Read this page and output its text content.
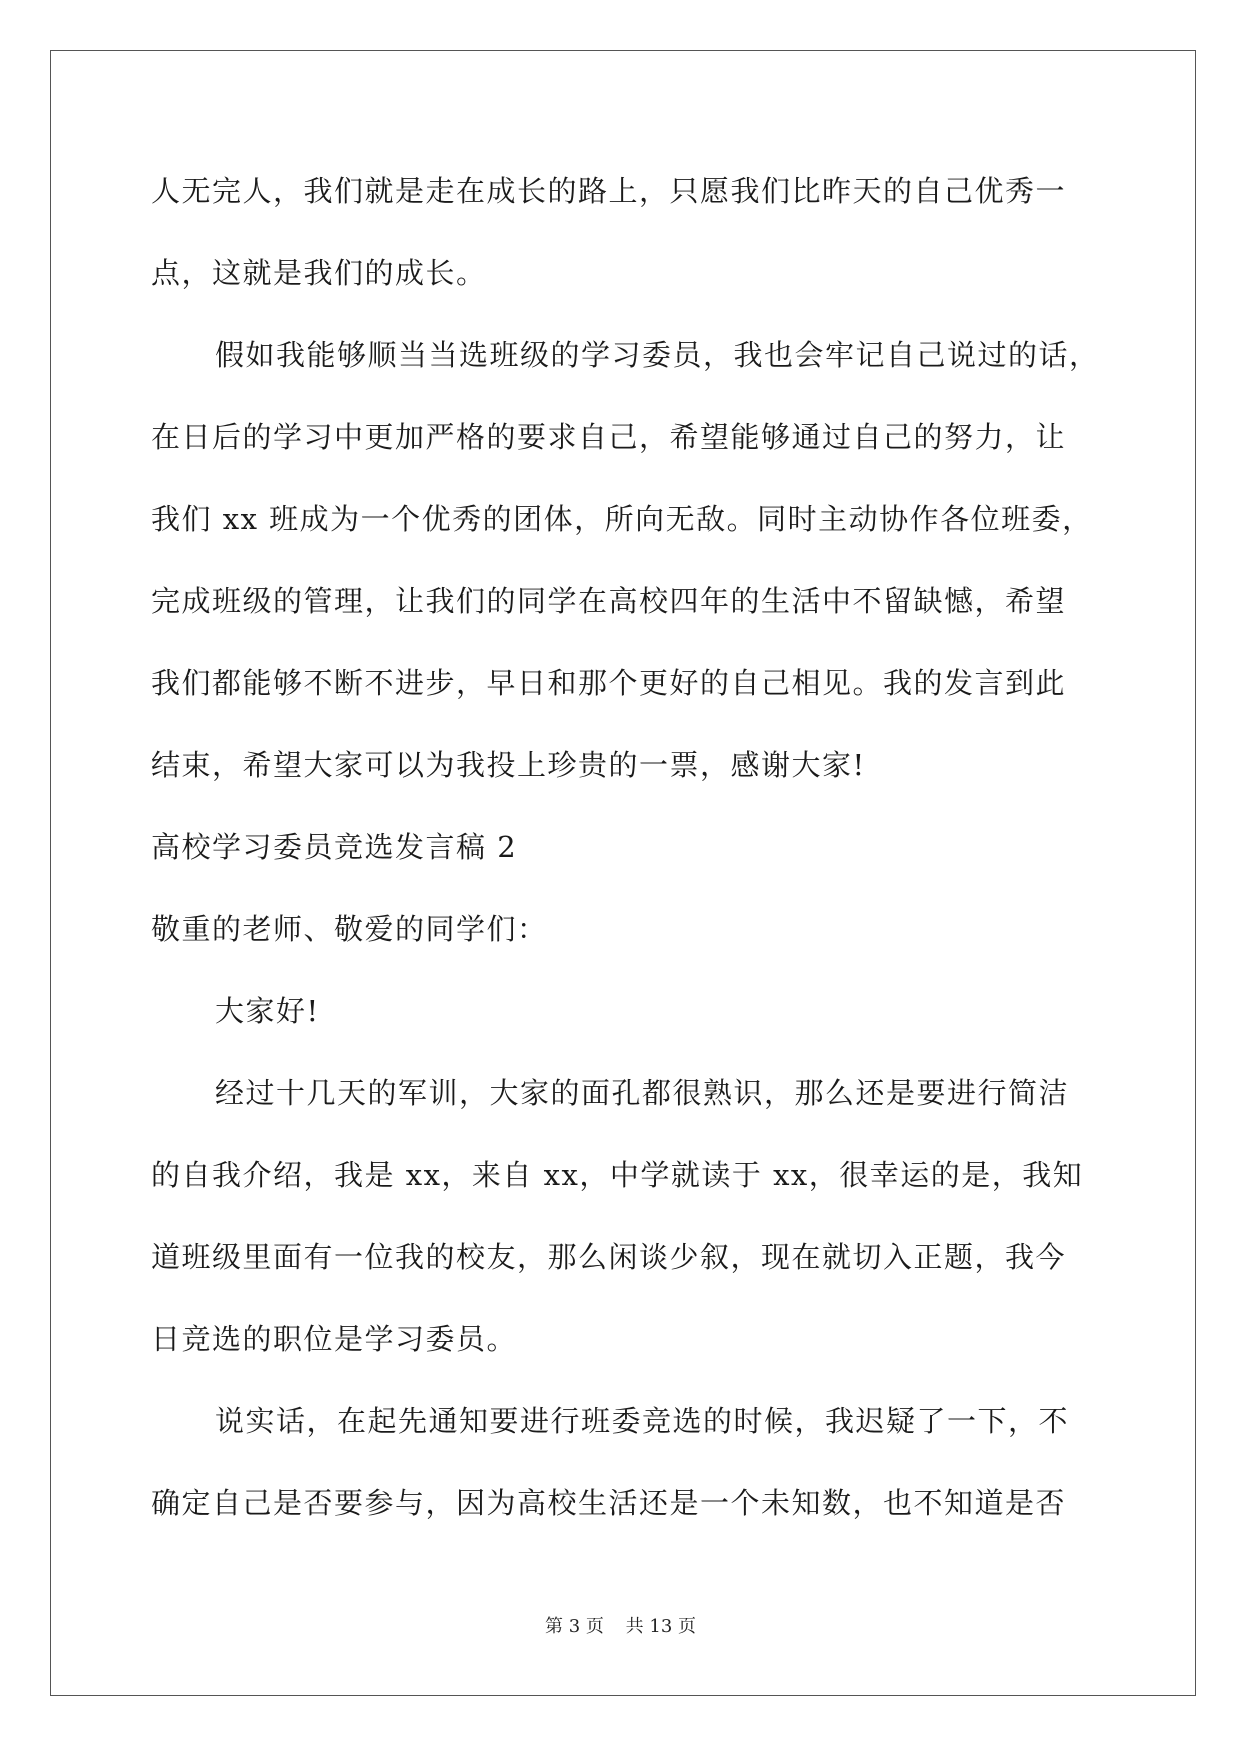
人无完人，我们就是走在成长的路上，只愿我们比昨天的自己优秀一
点，这就是我们的成长。
假如我能够顺当当选班级的学习委员，我也会牢记自己说过的话，
在日后的学习中更加严格的要求自己，希望能够通过自己的努力，让
我们 xx 班成为一个优秀的团体，所向无敌。同时主动协作各位班委，
完成班级的管理，让我们的同学在高校四年的生活中不留缺憾，希望
我们都能够不断不进步，早日和那个更好的自己相见。我的发言到此
结束，希望大家可以为我投上珍贵的一票，感谢大家!
高校学习委员竞选发言稿 2
敬重的老师、敬爱的同学们：
大家好!
经过十几天的军训，大家的面孔都很熟识，那么还是要进行简洁
的自我介绍，我是 xx，来自 xx，中学就读于 xx，很幸运的是，我知
道班级里面有一位我的校友，那么闲谈少叙，现在就切入正题，我今
日竞选的职位是学习委员。
说实话，在起先通知要进行班委竞选的时候，我迟疑了一下，不
确定自己是否要参与，因为高校生活还是一个未知数，也不知道是否
第 3 页 共 13 页
